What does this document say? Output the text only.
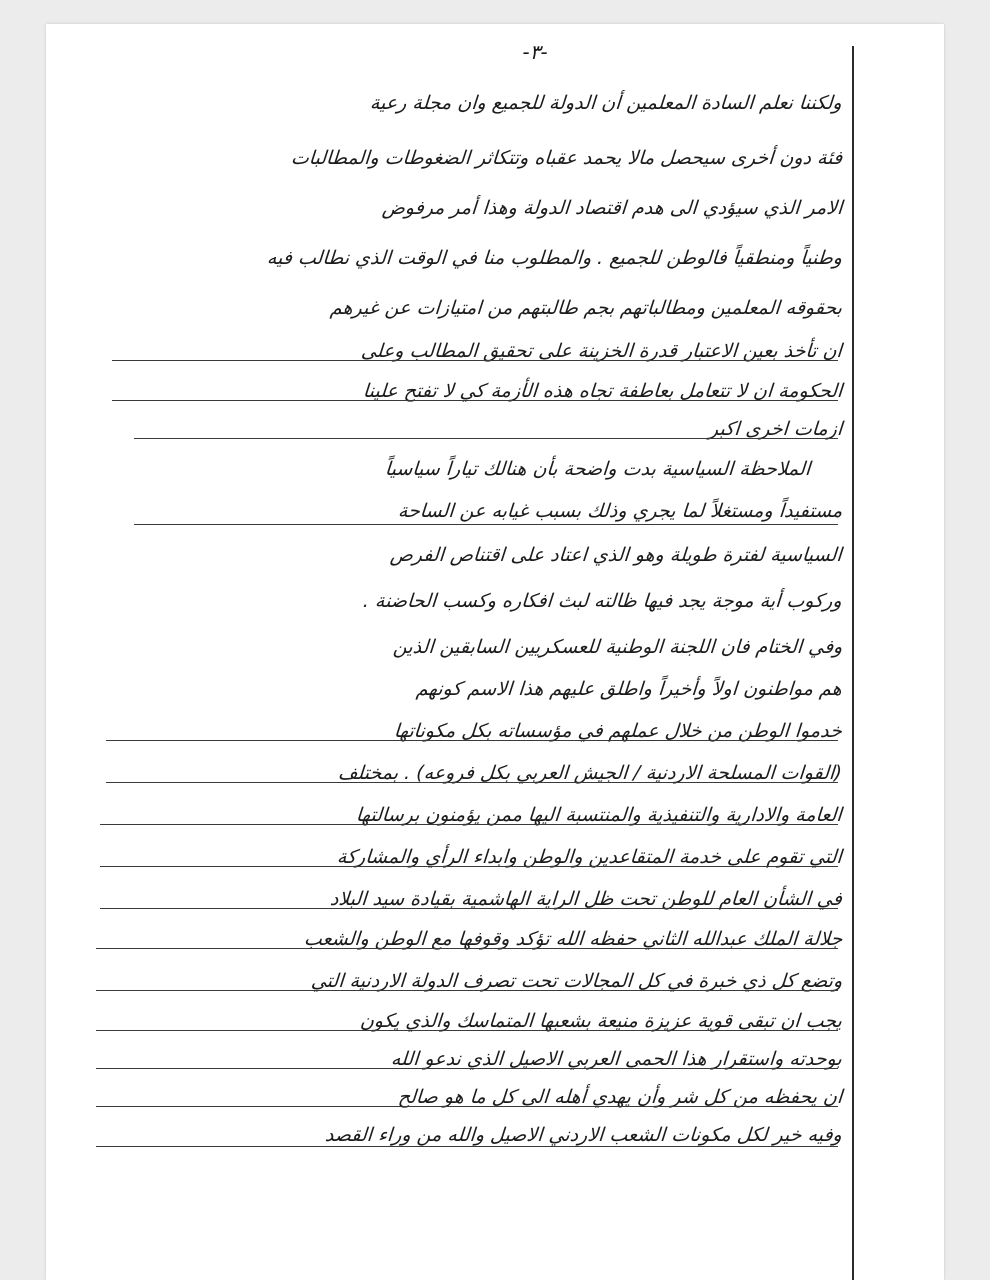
-٣-
ولكننا نعلم السادة المعلمين أن الدولة للجميع وان مجلة رعية
فئة دون أخرى سيحصل مالا يحمد عقباه وتتكاثر الضغوطات والمطالبات
الامر الذي سيؤدي الى هدم اقتصاد الدولة وهذا أمر مرفوض
وطنياً ومنطقياً فالوطن للجميع . والمطلوب منا في الوقت الذي نطالب فيه
بحقوقه المعلمين ومطالباتهم بجم طالبتهم من امتيازات عن غيرهم
ان تأخذ بعين الاعتبار قدرة الخزينة على تحقيق المطالب وعلى
الحكومة ان لا تتعامل بعاطفة تجاه هذه الأزمة كي لا تفتح علينا
ازمات اخرى اكبر
الملاحظة السياسية بدت واضحة بأن هنالك تياراً سياسياً
مستفيداً ومستغلاً لما يجري وذلك بسبب غيابه عن الساحة
السياسية لفترة طويلة وهو الذي اعتاد على اقتناص الفرص
وركوب أية موجة يجد فيها ظالته لبث افكاره وكسب الحاضنة .
وفي الختام فان اللجنة الوطنية للعسكريين السابقين الذين
هم مواطنون اولاً وأخيراً واطلق عليهم هذا الاسم كونهم
خدموا الوطن من خلال عملهم في مؤسساته بكل مكوناتها
(القوات المسلحة الاردنية / الجيش العربي بكل فروعه) . بمختلف
العامة والادارية والتنفيذية والمنتسبة اليها ممن يؤمنون برسالتها
التي تقوم على خدمة المتقاعدين والوطن وابداء الرأي والمشاركة
في الشأن العام للوطن تحت ظل الراية الهاشمية بقيادة سيد البلاد
جلالة الملك عبدالله الثاني حفظه الله تؤكد وقوفها مع الوطن والشعب
وتضع كل ذي خبرة في كل المجالات تحت تصرف الدولة الاردنية التي
يجب ان تبقى قوية عزيزة منيعة بشعبها المتماسك والذي يكون
بوحدته واستقرار هذا الحمى العربي الاصيل الذي ندعو الله
ان يحفظه من كل شر وأن يهدي أهله الى كل ما هو صالح
وفيه خير لكل مكونات الشعب الاردني الاصيل والله من وراء القصد
